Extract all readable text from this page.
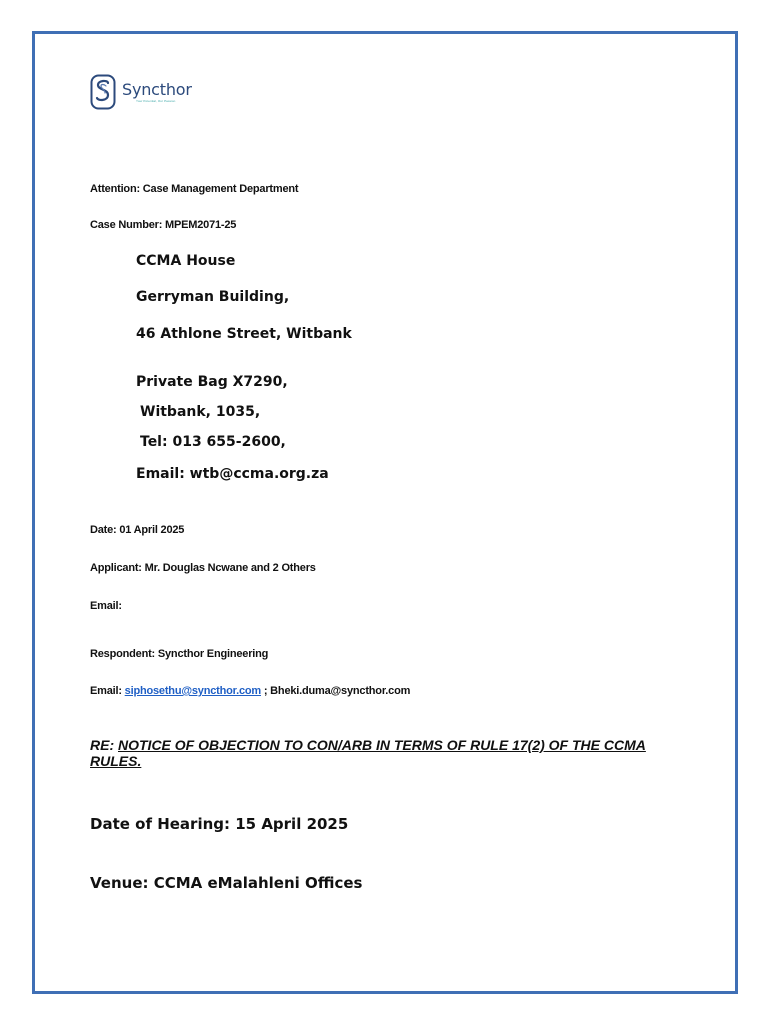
Syncthor
Your Potential, Our Passion
Attention: Case Management Department
Case Number: MPEM2071-25
CCMA House
Gerryman Building,
46 Athlone Street, Witbank
Private Bag X7290,
Witbank, 1035,
Tel: 013 655-2600,
Email: wtb@ccma.org.za
Date: 01 April 2025
Applicant: Mr. Douglas Ncwane and 2 Others
Email:
Respondent: Syncthor Engineering
Email: siphosethu@syncthor.com ; Bheki.duma@syncthor.com
RE: NOTICE OF OBJECTION TO CON/ARB IN TERMS OF RULE 17(2) OF THE CCMA RULES.
Date of Hearing: 15 April 2025
Venue: CCMA eMalahleni Offices
